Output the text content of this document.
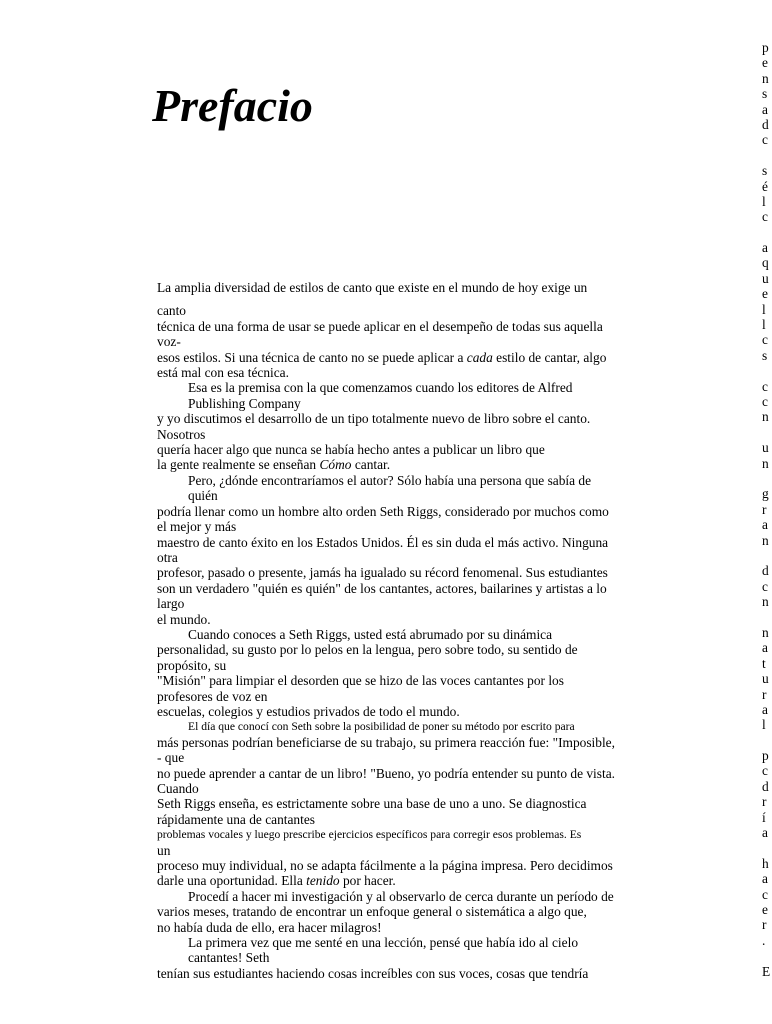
Prefacio
La amplia diversidad de estilos de canto que existe en el mundo de hoy exige un
canto
técnica de una forma de usar se puede aplicar en el desempeño de todas sus aquella
voz-
esos estilos. Si una técnica de canto no se puede aplicar a cada estilo de cantar, algo
está mal con esa técnica.
Esa es la premisa con la que comenzamos cuando los editores de Alfred
Publishing Company
y yo discutimos el desarrollo de un tipo totalmente nuevo de libro sobre el canto.
Nosotros
quería hacer algo que nunca se había hecho antes a publicar un libro que
la gente realmente se enseñan Cómo cantar.
Pero, ¿dónde encontraríamos el autor? Sólo había una persona que sabía de
quién
podría llenar como un hombre alto orden Seth Riggs, considerado por muchos como
el mejor y más
maestro de canto éxito en los Estados Unidos. Él es sin duda el más activo. Ninguna
otra
profesor, pasado o presente, jamás ha igualado su récord fenomenal. Sus estudiantes
son un verdadero "quién es quién" de los cantantes, actores, bailarines y artistas a lo
largo
el mundo.
Cuando conoces a Seth Riggs, usted está abrumado por su dinámica
personalidad, su gusto por lo pelos en la lengua, pero sobre todo, su sentido de
propósito, su
"Misión" para limpiar el desorden que se hizo de las voces cantantes por los
profesores de voz en
escuelas, colegios y estudios privados de todo el mundo.
El día que conocí con Seth sobre la posibilidad de poner su método por escrito para
más personas podrían beneficiarse de su trabajo, su primera reacción fue: "Imposible,
- que
no puede aprender a cantar de un libro! "Bueno, yo podría entender su punto de vista.
Cuando
Seth Riggs enseña, es estrictamente sobre una base de uno a uno. Se diagnostica
rápidamente una de cantantes
problemas vocales y luego prescribe ejercicios específicos para corregir esos problemas. Es
un
proceso muy individual, no se adapta fácilmente a la página impresa. Pero decidimos
darle una oportunidad. Ella tenido por hacer.
Procedí a hacer mi investigación y al observarlo de cerca durante un período de
varios meses, tratando de encontrar un enfoque general o sistemática a algo que,
no había duda de ello, era hacer milagros!
La primera vez que me senté en una lección, pensé que había ido al cielo
cantantes! Seth
tenían sus estudiantes haciendo cosas increíbles con sus voces, cosas que tendría
p
e
n
s
a
d
c
s
é
l
c
a
q
u
e
l
l
c
s
c
c
n
u
n
g
r
a
n
d
c
n
n
a
t
u
r
a
l
p
c
d
r
í
a
h
a
c
e
r
.
E
